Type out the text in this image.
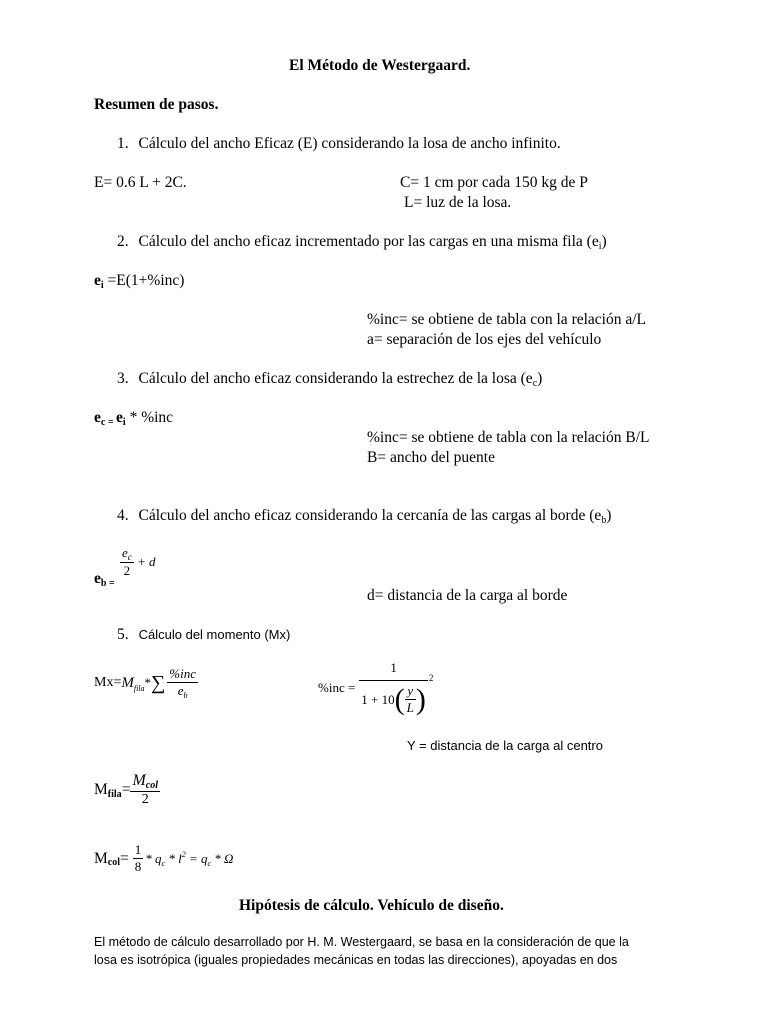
El Método de Westergaard.
Resumen de pasos.
1. Cálculo del ancho Eficaz (E) considerando la losa de ancho infinito.
E= 0.6 L + 2C.	C= 1 cm por cada 150 kg de P
L= luz de la losa.
2. Cálculo del ancho eficaz incrementado por las cargas en una misma fila $(e_i)$
$e_i =E(1+\%inc)$
%inc= se obtiene de tabla con la relación a/L
a= separación de los ejes del vehículo
3. Cálculo del ancho eficaz considerando la estrechez de la losa $(e_c)$
$e_{c =}$ $e_i * \%inc$
%inc= se obtiene de tabla con la relación B/L
B= ancho del puente
4. Cálculo del ancho eficaz considerando la cercanía de las cargas al borde $(e_b)$
$e_{b =}$
$\frac{e_c}{2} + d$
d= distancia de la carga al borde
5. Cálculo del momento (Mx)
Mx= M fila * ∑ $\frac{\text{\%inc}}{e_b}$	$\%inc = \frac{1}{1 + 10 ( \frac{y}{L} )} 2$
Y = distancia de la carga al centro
M fila = $\frac{M_{col}}{2}$
M col = $\frac{1}{8} * q_c * l^2 = q_c * \Omega$
Hipótesis de cálculo. Vehículo de diseño.
El método de cálculo desarrollado por H. M. Westergaard, se basa en la consideración de que la
losa es isotrópica (iguales propiedades mecánicas en todas las direcciones), apoyadas en dos
